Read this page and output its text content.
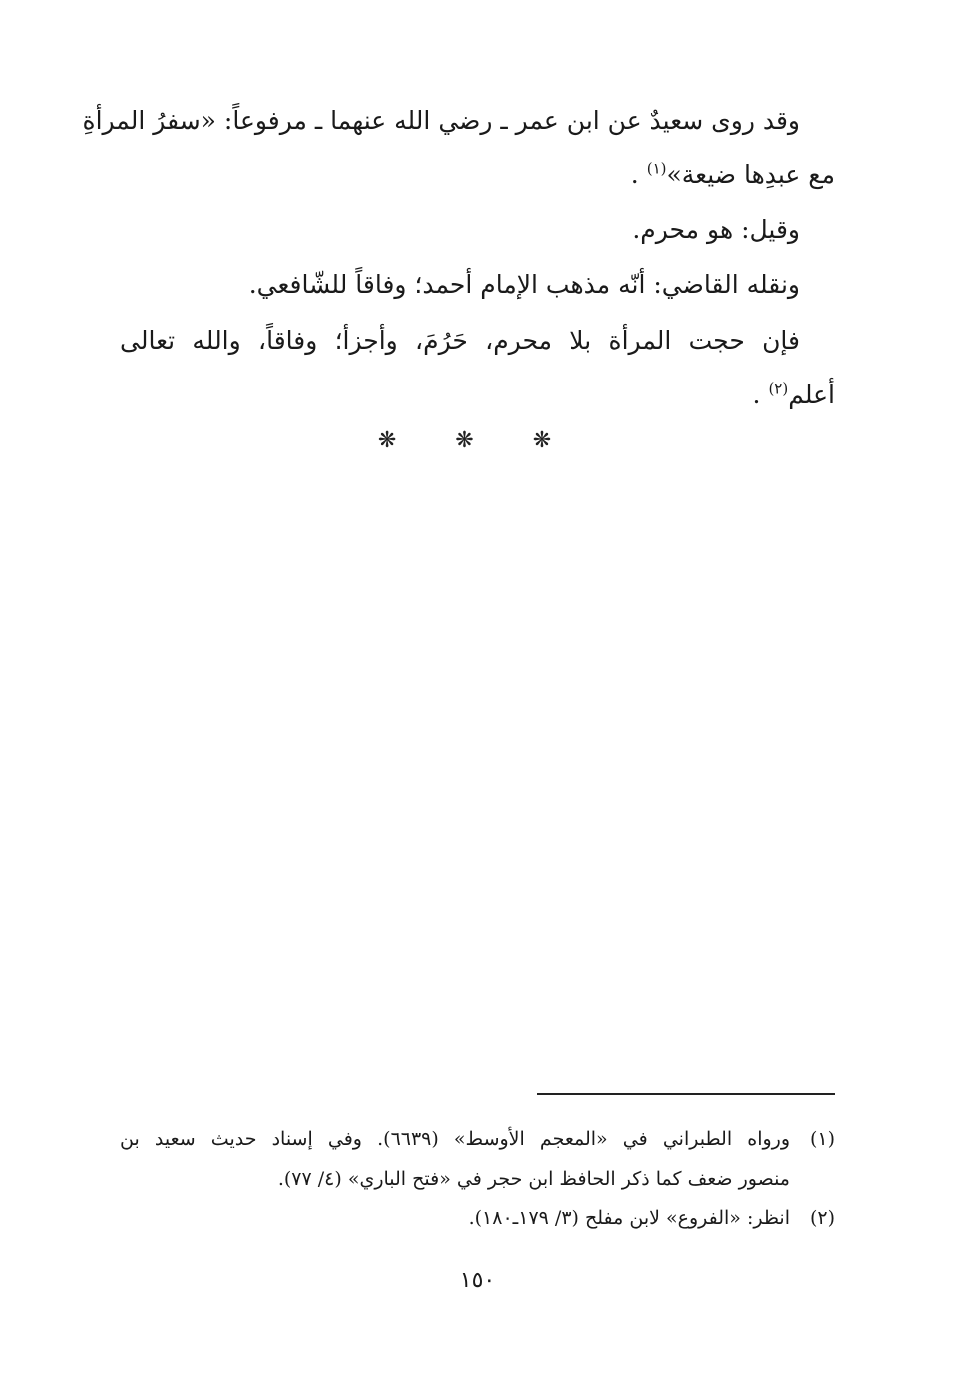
وقد روى سعيدٌ عن ابن عمر ـ رضي الله عنهما ـ مرفوعاً: «سفرُ المرأةِ
مع عبدِها ضيعة»$^{(١)}$ .
وقيل: هو محرم.
ونقله القاضي: أنّه مذهب الإمام أحمد؛ وفاقاً للشّافعي.
فإن حجت المرأة بلا محرم، حَرُمَ، وأجزأ؛ وفاقاً، والله تعالى
أعلم$^{(٢)}$ .
❋ ❋ ❋
(١)
ورواه الطبراني في «المعجم الأوسط» (٦٦٣٩). وفي إسناد حديث سعيد بن
منصور ضعف كما ذكر الحافظ ابن حجر في «فتح الباري» (٤/ ٧٧).
(٢)
انظر: «الفروع» لابن مفلح (٣/ ١٧٩ـ١٨٠).
١٥٠
